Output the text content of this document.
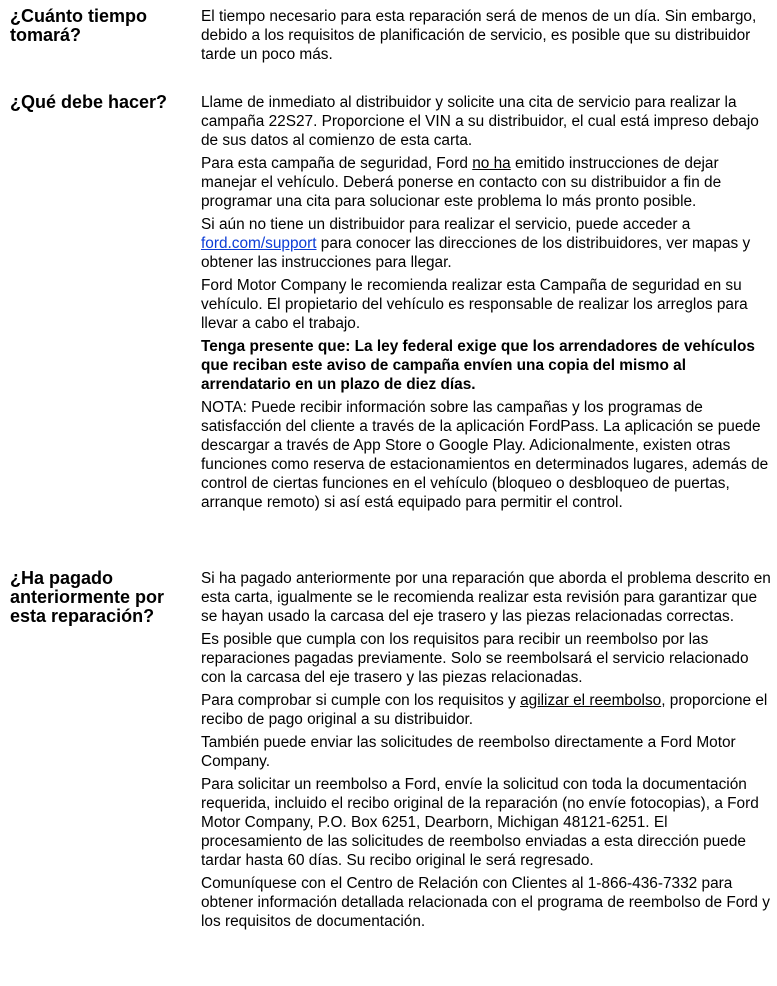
¿Cuánto tiempo tomará?

El tiempo necesario para esta reparación será de menos de un día. Sin embargo, debido a los requisitos de planificación de servicio, es posible que su distribuidor tarde un poco más.

¿Qué debe hacer?	Llame de inmediato al distribuidor y solicite una cita de servicio para realizar la campaña 22S27. Proporcione el VIN a su distribuidor, el cual está impreso debajo de sus datos al comienzo de esta carta.

Para esta campaña de seguridad, Ford no ha emitido instrucciones de dejar manejar el vehículo. Deberá ponerse en contacto con su distribuidor a fin de programar una cita para solucionar este problema lo más pronto posible.

Si aún no tiene un distribuidor para realizar el servicio, puede acceder a ford.com/support para conocer las direcciones de los distribuidores, ver mapas y obtener las instrucciones para llegar.

Ford Motor Company le recomienda realizar esta Campaña de seguridad en su vehículo. El propietario del vehículo es responsable de realizar los arreglos para llevar a cabo el trabajo.

Tenga presente que: La ley federal exige que los arrendadores de vehículos que reciban este aviso de campaña envíen una copia del mismo al arrendatario en un plazo de diez días.

NOTA: Puede recibir información sobre las campañas y los programas de satisfacción del cliente a través de la aplicación FordPass. La aplicación se puede descargar a través de App Store o Google Play. Adicionalmente, existen otras funciones como reserva de estacionamientos en determinados lugares, además de control de ciertas funciones en el vehículo (bloqueo o desbloqueo de puertas, arranque remoto) si así está equipado para permitir el control.

¿Ha pagado anteriormente por esta reparación?

Si ha pagado anteriormente por una reparación que aborda el problema descrito en esta carta, igualmente se le recomienda realizar esta revisión para garantizar que se hayan usado la carcasa del eje trasero y las piezas relacionadas correctas.

Es posible que cumpla con los requisitos para recibir un reembolso por las reparaciones pagadas previamente. Solo se reembolsará el servicio relacionado con la carcasa del eje trasero y las piezas relacionadas.

Para comprobar si cumple con los requisitos y agilizar el reembolso, proporcione el recibo de pago original a su distribuidor.

También puede enviar las solicitudes de reembolso directamente a Ford Motor Company.

Para solicitar un reembolso a Ford, envíe la solicitud con toda la documentación requerida, incluido el recibo original de la reparación (no envíe fotocopias), a Ford Motor Company, P.O. Box 6251, Dearborn, Michigan 48121-6251. El procesamiento de las solicitudes de reembolso enviadas a esta dirección puede tardar hasta 60 días. Su recibo original le será regresado.

Comuníquese con el Centro de Relación con Clientes al 1-866-436-7332 para obtener información detallada relacionada con el programa de reembolso de Ford y los requisitos de documentación.
